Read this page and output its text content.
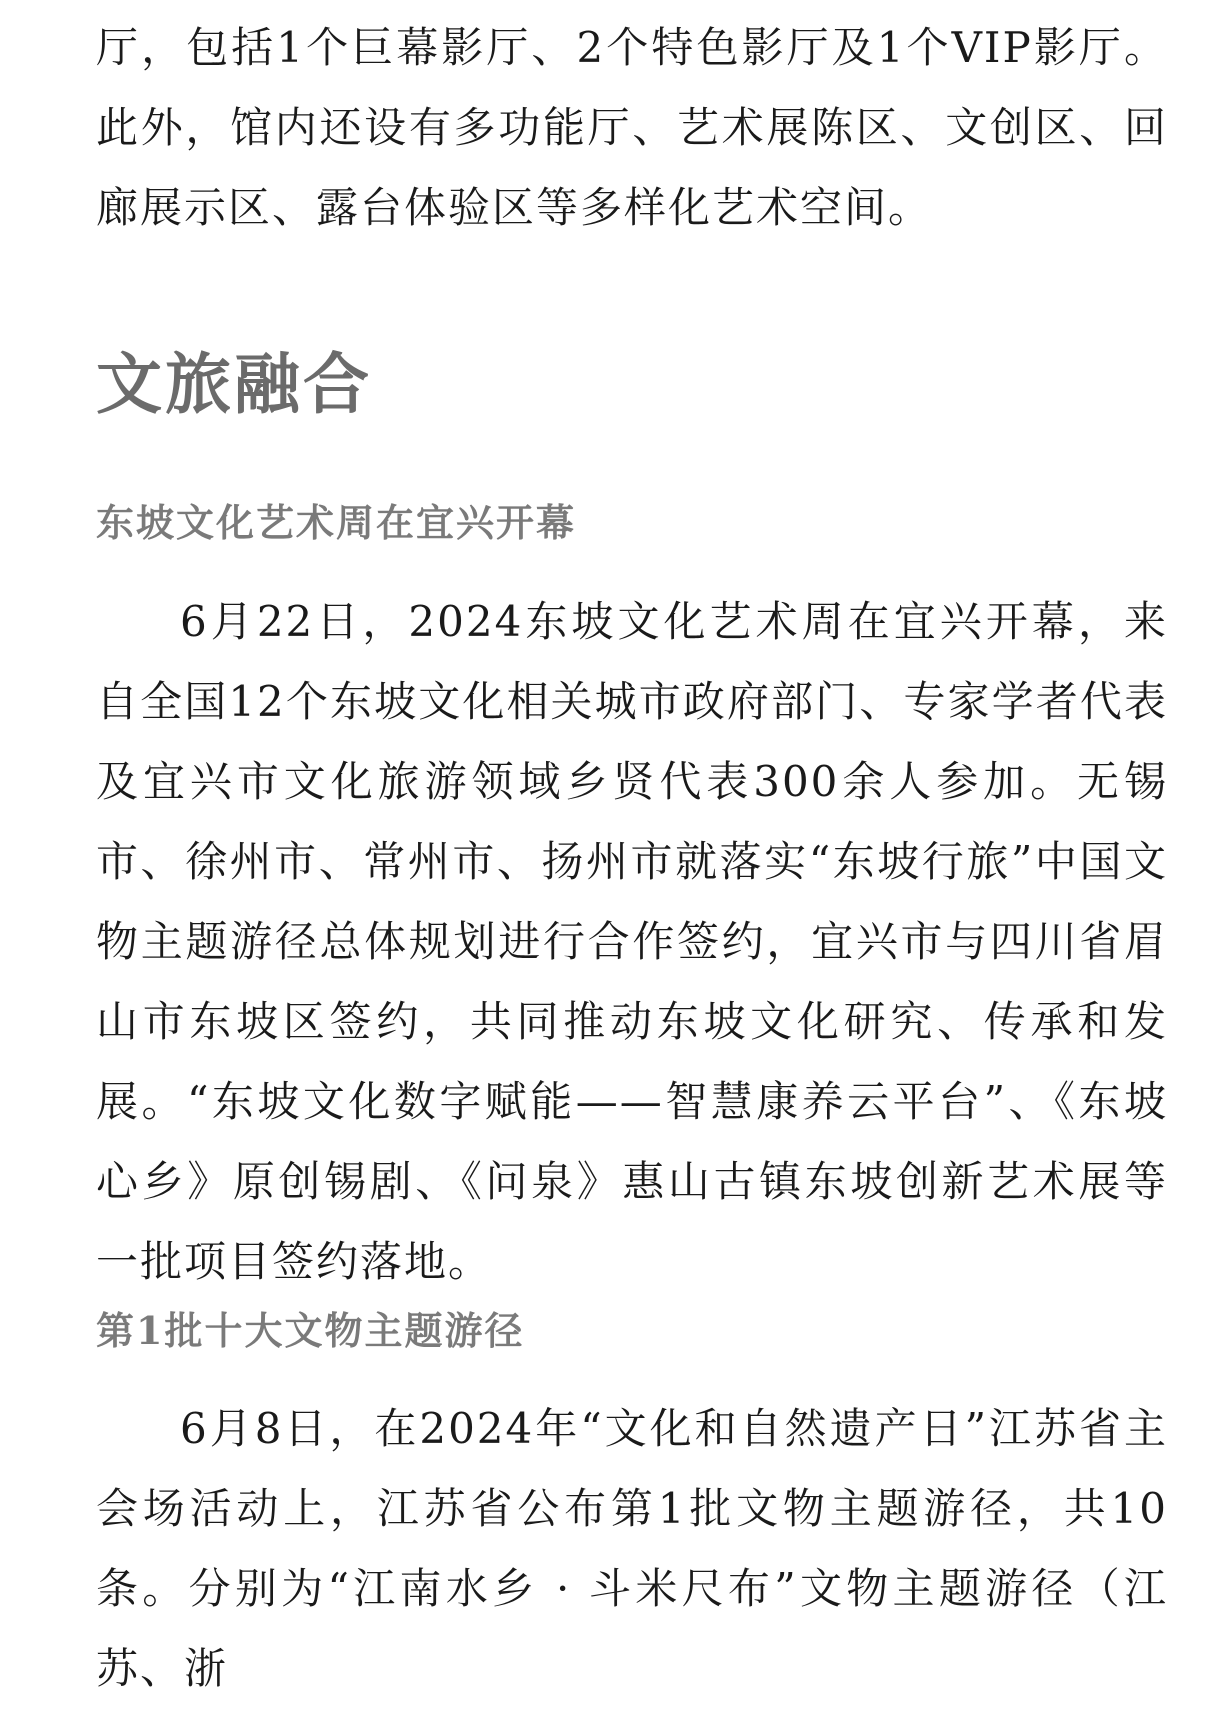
厅，包括1个巨幕影厅、2个特色影厅及1个VIP影厅。此外，馆内还设有多功能厅、艺术展陈区、文创区、回廊展示区、露台体验区等多样化艺术空间。

文旅融合
东坡文化艺术周在宜兴开幕

6月22日，2024东坡文化艺术周在宜兴开幕，来自全国12个东坡文化相关城市政府部门、专家学者代表及宜兴市文化旅游领域乡贤代表300余人参加。无锡市、徐州市、常州市、扬州市就落实“东坡行旅”中国文物主题游径总体规划进行合作签约，宜兴市与四川省眉山市东坡区签约，共同推动东坡文化研究、传承和发展。“东坡文化数字赋能——智慧康养云平台”、《东坡心乡》原创锡剧、《问泉》惠山古镇东坡创新艺术展等一批项目签约落地。

第1批十大文物主题游径

6月8日，在2024年“文化和自然遗产日”江苏省主会场活动上，江苏省公布第1批文物主题游径，共10条。分别为“江南水乡 · 斗米尺布”文物主题游径（江苏、浙
